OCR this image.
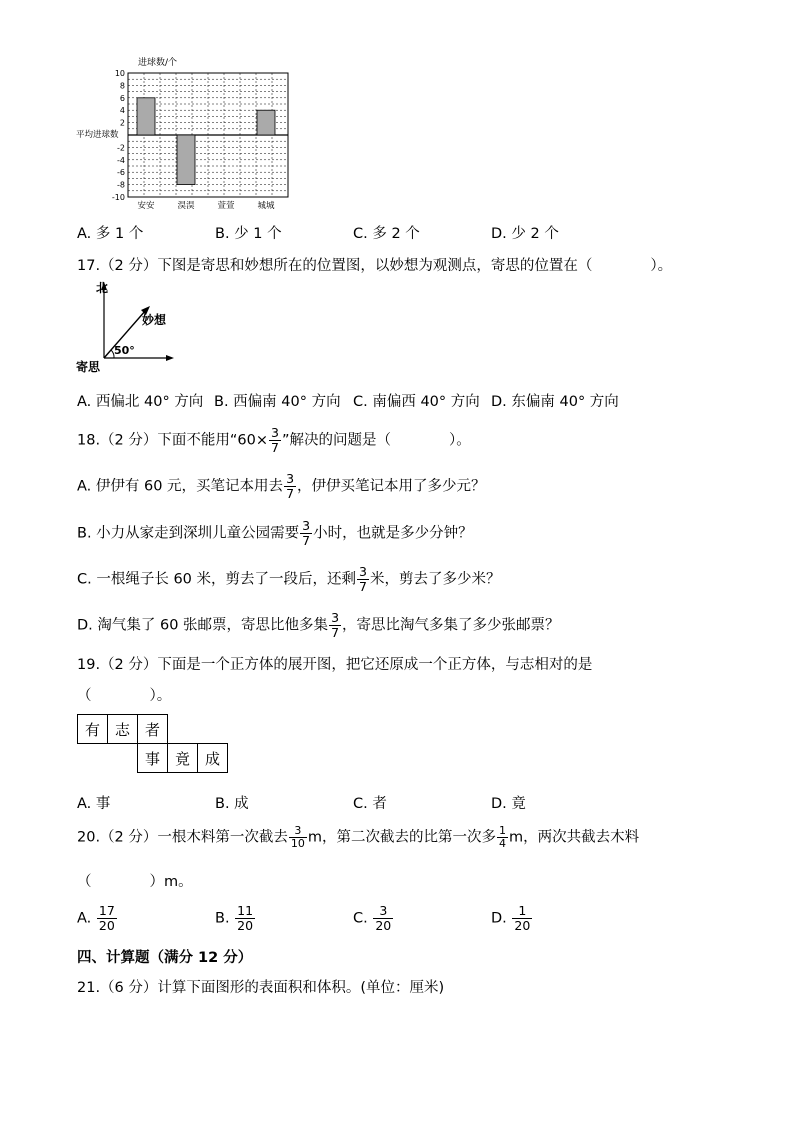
进球数/个
10
8
6
4
2
-2
-4
-6
-8
-10
安安	淏淏	萱萱	城城
平均进球数
A. 多 1 个	B. 少 1 个	C. 多 2 个	D. 少 2 个
17.（2 分）下图是寄思和妙想所在的位置图，以妙想为观测点，寄思的位置在（　　　　）。
北
妙想
50°
寄思
A. 西偏北 40° 方向 B. 西偏南 40° 方向 C. 南偏西 40° 方向 D. 东偏南 40° 方向
18.（2 分）下面不能用“$60\times \frac{3}{7}$ ”解决的问题是（　　　　）。
A. 伊伊有 60 元，买笔记本用去 $\frac{3}{7}$ ，伊伊买笔记本用了多少元？
B. 小力从家走到深圳儿童公园需要 $\frac{3}{7}$ 小时，也就是多少分钟？
C. 一根绳子长 60 米，剪去了一段后，还剩 $\frac{3}{7}$ 米，剪去了多少米？
D. 淘气集了 60 张邮票，寄思比他多集 $\frac{3}{7}$ ，寄思比淘气多集了多少张邮票？
19.（2 分）下面是一个正方体的展开图，把它还原成一个正方体，与志相对的是
（　　　　）。
有	志	者		
		事	竟	成
A. 事	B. 成	C. 者	D. 竟
20.（2 分）一根木料第一次截去 $\frac{3}{10}$ m，第二次截去的比第一次多 $\frac{1}{4}$ m，两次共截去木料
（　　　　）m。
A. $\frac{17}{20}$	B. $\frac{11}{20}$	C. $\frac{3}{20}$	D. $\frac{1}{20}$
四、计算题（满分 12 分）
21.（6 分）计算下面图形的表面积和体积。(单位：厘米)
